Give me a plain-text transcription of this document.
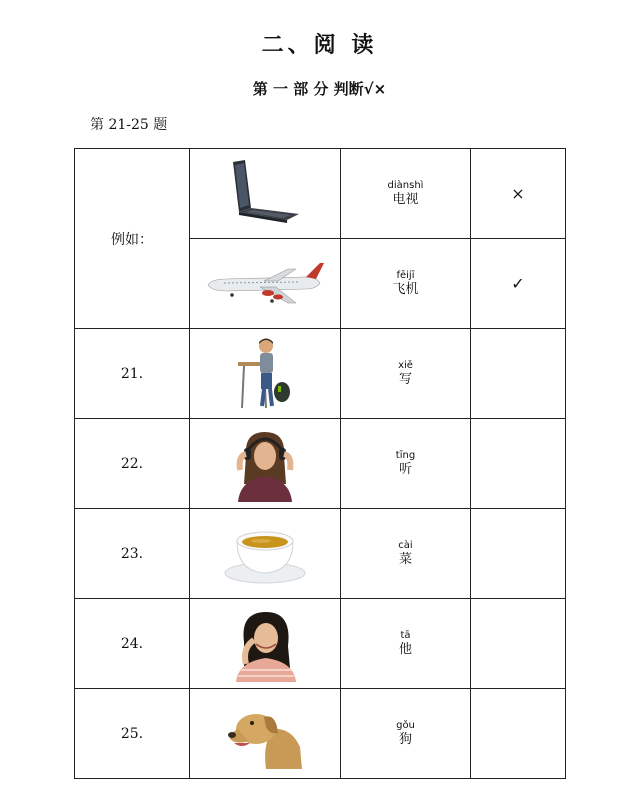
二、阅 读
第 一 部 分 判断√×
第 21-25 题
例如：		diànshì
电视	×

fēijī
飞机	✓
21.		xiě
写	

22.		tīng
听	

23.		cài
菜	

24.		tā
他	

25.		gǒu
狗	
